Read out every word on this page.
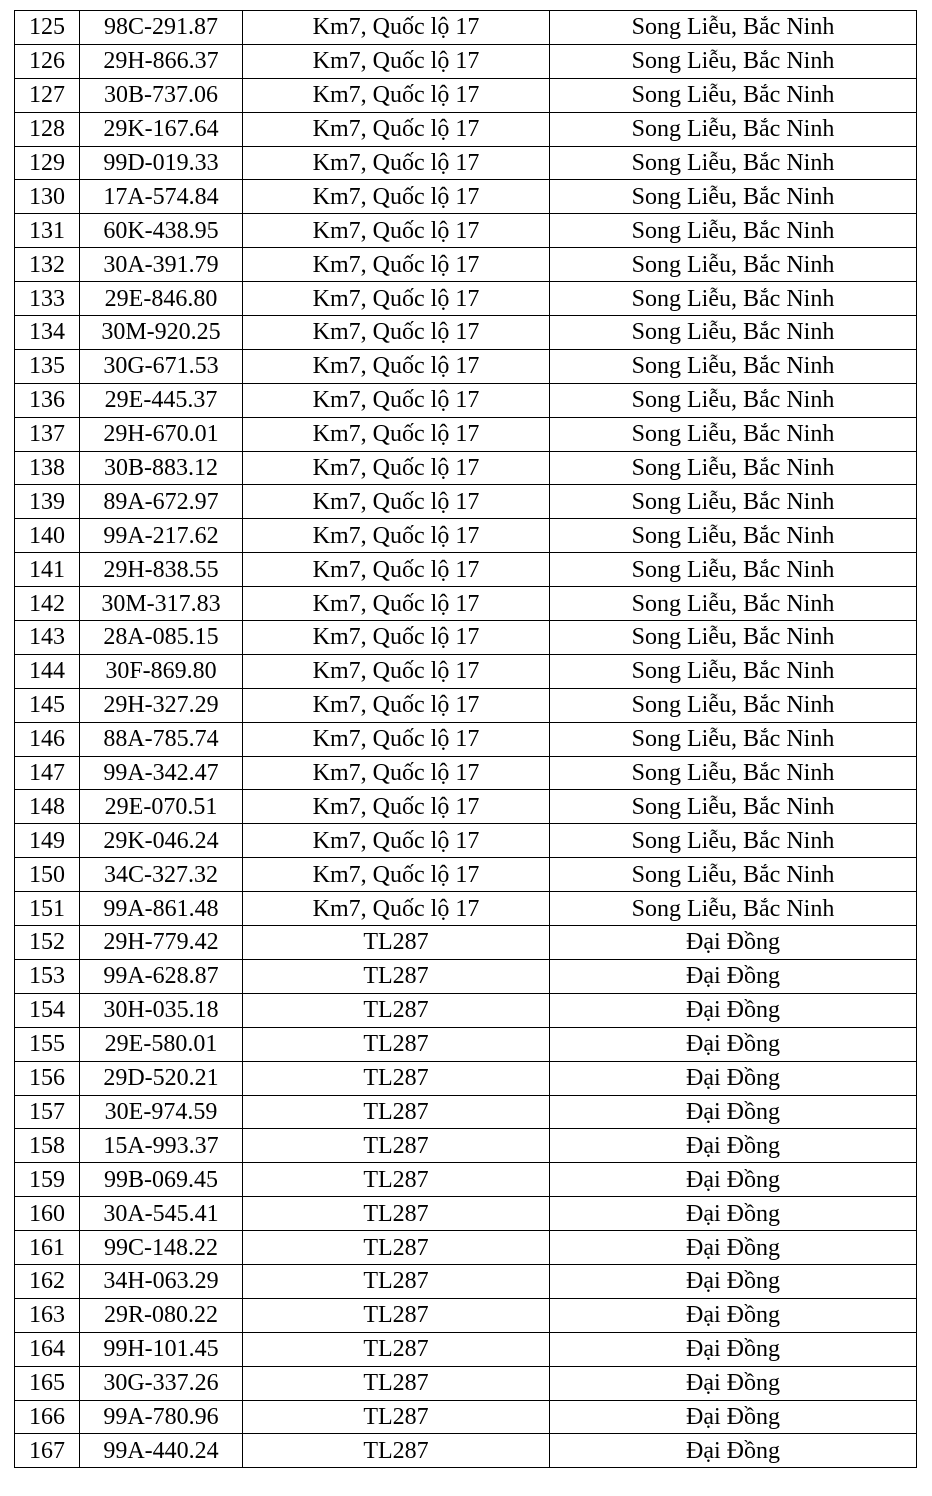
125	98C-291.87	Km7, Quốc lộ 17	Song Liễu, Bắc Ninh
126	29H-866.37	Km7, Quốc lộ 17	Song Liễu, Bắc Ninh
127	30B-737.06	Km7, Quốc lộ 17	Song Liễu, Bắc Ninh
128	29K-167.64	Km7, Quốc lộ 17	Song Liễu, Bắc Ninh
129	99D-019.33	Km7, Quốc lộ 17	Song Liễu, Bắc Ninh
130	17A-574.84	Km7, Quốc lộ 17	Song Liễu, Bắc Ninh
131	60K-438.95	Km7, Quốc lộ 17	Song Liễu, Bắc Ninh
132	30A-391.79	Km7, Quốc lộ 17	Song Liễu, Bắc Ninh
133	29E-846.80	Km7, Quốc lộ 17	Song Liễu, Bắc Ninh
134	30M-920.25	Km7, Quốc lộ 17	Song Liễu, Bắc Ninh
135	30G-671.53	Km7, Quốc lộ 17	Song Liễu, Bắc Ninh
136	29E-445.37	Km7, Quốc lộ 17	Song Liễu, Bắc Ninh
137	29H-670.01	Km7, Quốc lộ 17	Song Liễu, Bắc Ninh
138	30B-883.12	Km7, Quốc lộ 17	Song Liễu, Bắc Ninh
139	89A-672.97	Km7, Quốc lộ 17	Song Liễu, Bắc Ninh
140	99A-217.62	Km7, Quốc lộ 17	Song Liễu, Bắc Ninh
141	29H-838.55	Km7, Quốc lộ 17	Song Liễu, Bắc Ninh
142	30M-317.83	Km7, Quốc lộ 17	Song Liễu, Bắc Ninh
143	28A-085.15	Km7, Quốc lộ 17	Song Liễu, Bắc Ninh
144	30F-869.80	Km7, Quốc lộ 17	Song Liễu, Bắc Ninh
145	29H-327.29	Km7, Quốc lộ 17	Song Liễu, Bắc Ninh
146	88A-785.74	Km7, Quốc lộ 17	Song Liễu, Bắc Ninh
147	99A-342.47	Km7, Quốc lộ 17	Song Liễu, Bắc Ninh
148	29E-070.51	Km7, Quốc lộ 17	Song Liễu, Bắc Ninh
149	29K-046.24	Km7, Quốc lộ 17	Song Liễu, Bắc Ninh
150	34C-327.32	Km7, Quốc lộ 17	Song Liễu, Bắc Ninh
151	99A-861.48	Km7, Quốc lộ 17	Song Liễu, Bắc Ninh
152	29H-779.42	TL287	Đại Đồng
153	99A-628.87	TL287	Đại Đồng
154	30H-035.18	TL287	Đại Đồng
155	29E-580.01	TL287	Đại Đồng
156	29D-520.21	TL287	Đại Đồng
157	30E-974.59	TL287	Đại Đồng
158	15A-993.37	TL287	Đại Đồng
159	99B-069.45	TL287	Đại Đồng
160	30A-545.41	TL287	Đại Đồng
161	99C-148.22	TL287	Đại Đồng
162	34H-063.29	TL287	Đại Đồng
163	29R-080.22	TL287	Đại Đồng
164	99H-101.45	TL287	Đại Đồng
165	30G-337.26	TL287	Đại Đồng
166	99A-780.96	TL287	Đại Đồng
167	99A-440.24	TL287	Đại Đồng
